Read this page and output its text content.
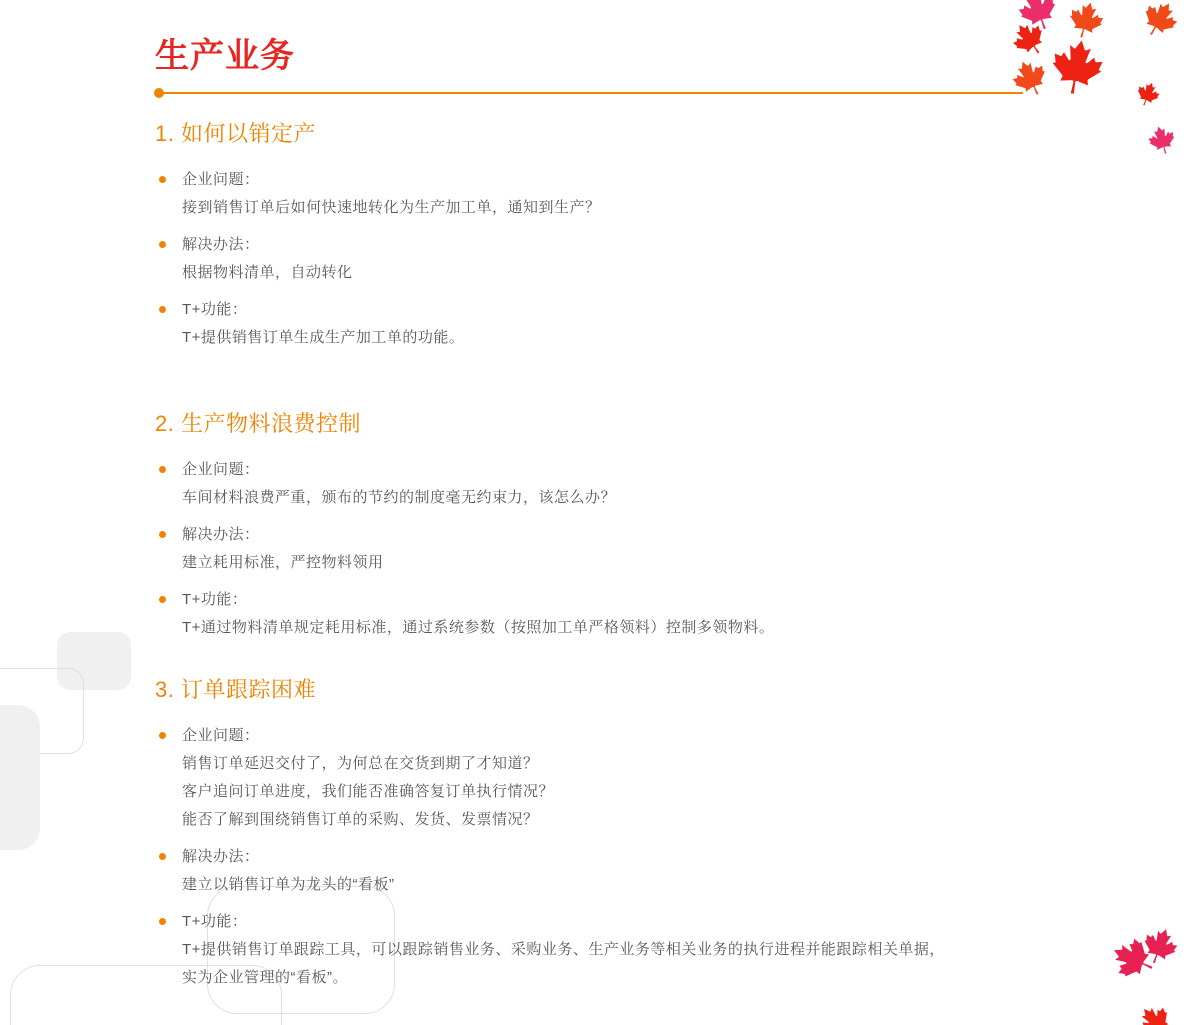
生产业务
1. 如何以销定产
企业问题：
接到销售订单后如何快速地转化为生产加工单，通知到生产？
解决办法：
根据物料清单，自动转化
T+功能：
T+提供销售订单生成生产加工单的功能。
2. 生产物料浪费控制
企业问题：
车间材料浪费严重，颁布的节约的制度毫无约束力，该怎么办？
解决办法：
建立耗用标准，严控物料领用
T+功能：
T+通过物料清单规定耗用标准，通过系统参数（按照加工单严格领料）控制多领物料。
3. 订单跟踪困难
企业问题：
销售订单延迟交付了，为何总在交货到期了才知道？
客户追问订单进度，我们能否准确答复订单执行情况？
能否了解到围绕销售订单的采购、发货、发票情况？
解决办法：
建立以销售订单为龙头的“看板”
T+功能：
T+提供销售订单跟踪工具，可以跟踪销售业务、采购业务、生产业务等相关业务的执行进程并能跟踪相关单据，
实为企业管理的“看板”。
